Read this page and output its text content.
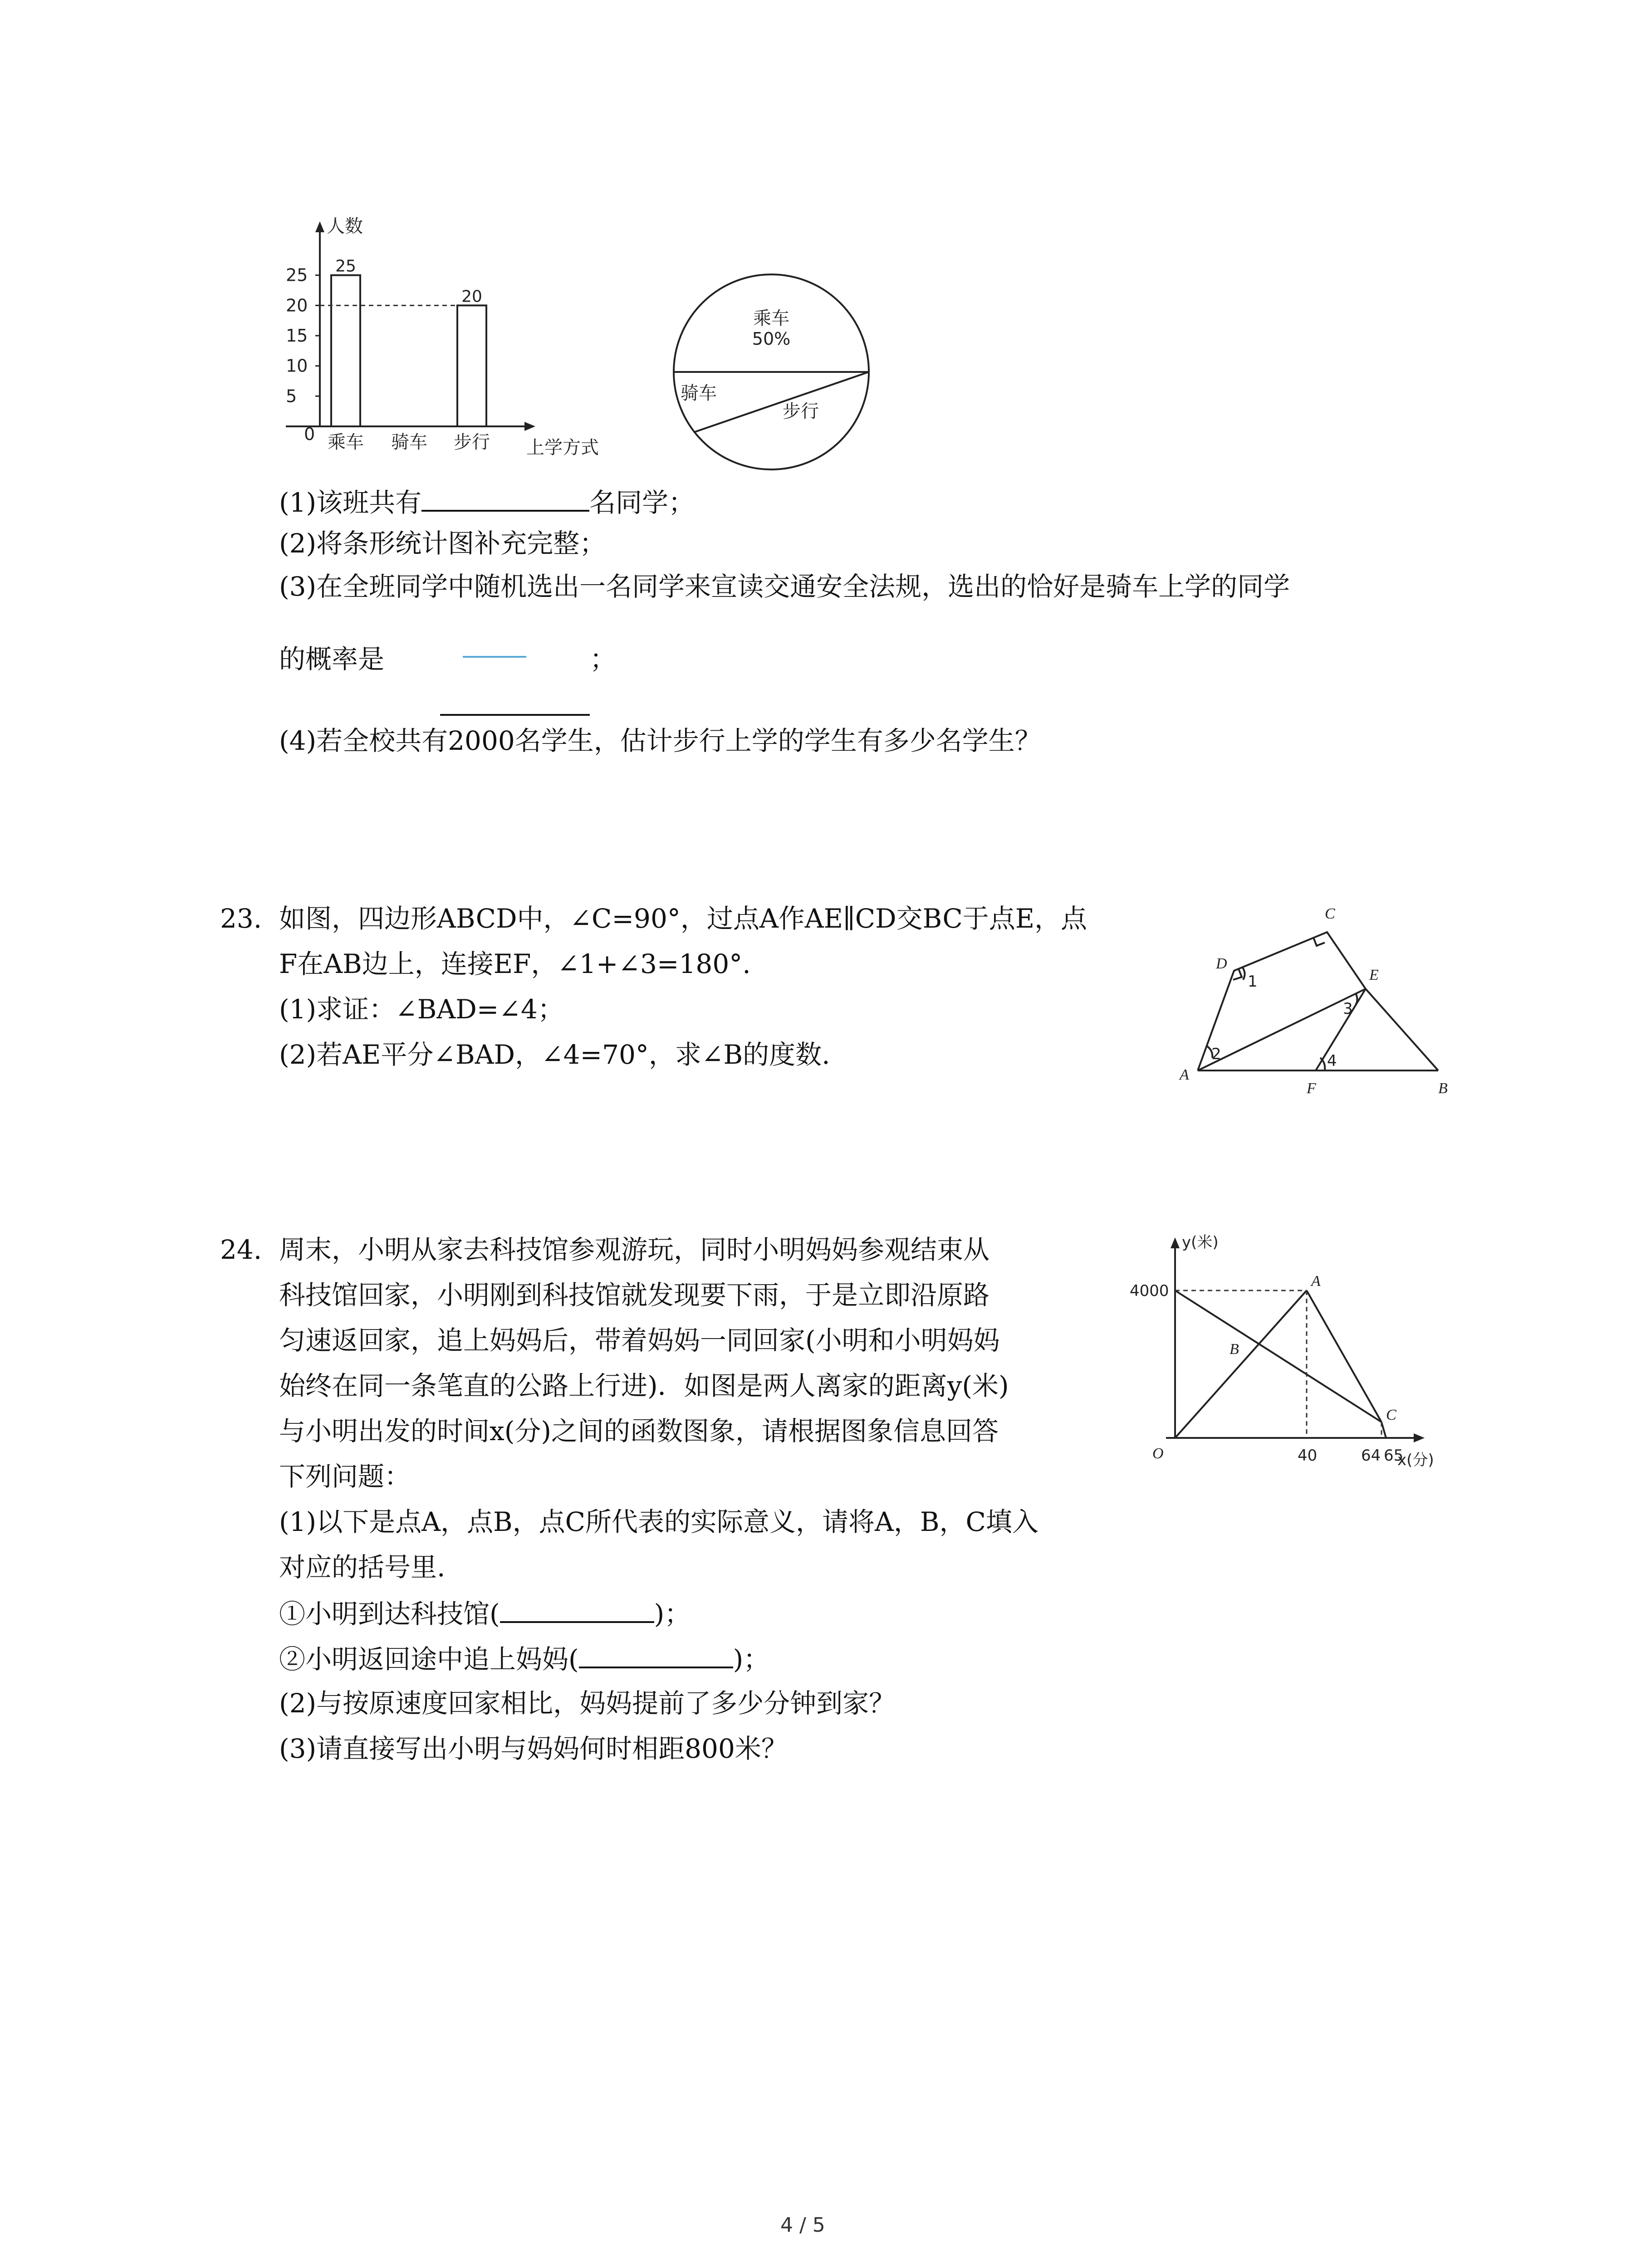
5
10
15
20
25 25
乘车 骑车
20
步行
人数
上学方式
0
乘车
50%
骑车
步行
(1)该班共有	名同学；
(2)将条形统计图补充完整；
(3)在全班同学中随机选出一名同学来宣读交通安全法规，选出的恰好是骑车上学的同学
的概率是	；
(4)若全校共有2000名学生，估计步行上学的学生有多少名学生？
23. 如图，四边形ABCD中，∠C=90°，过点A作AE∥CD交BC于点E，点
F在AB边上，连接EF，∠1+∠3=180°.
(1)求证：∠BAD=∠4；
(2)若AE平分∠BAD，∠4=70°，求∠B的度数.
A
B
C
D
E
F
1
2
3
4
24. 周末，小明从家去科技馆参观游玩，同时小明妈妈参观结束从
科技馆回家，小明刚到科技馆就发现要下雨，于是立即沿原路
匀速返回家，追上妈妈后，带着妈妈一同回家(小明和小明妈妈
始终在同一条笔直的公路上行进)．如图是两人离家的距离y(米)
与小明出发的时间x(分)之间的函数图象，请根据图象信息回答
下列问题：
(1)以下是点A，点B，点C所代表的实际意义，请将A，B，C填入
对应的括号里.
①小明到达科技馆(	)；
②小明返回途中追上妈妈(	)；
(2)与按原速度回家相比，妈妈提前了多少分钟到家？
(3)请直接写出小明与妈妈何时相距800米？
y(米)
x(分)
O
4000
40	64 65
A
B
C
4 / 5
